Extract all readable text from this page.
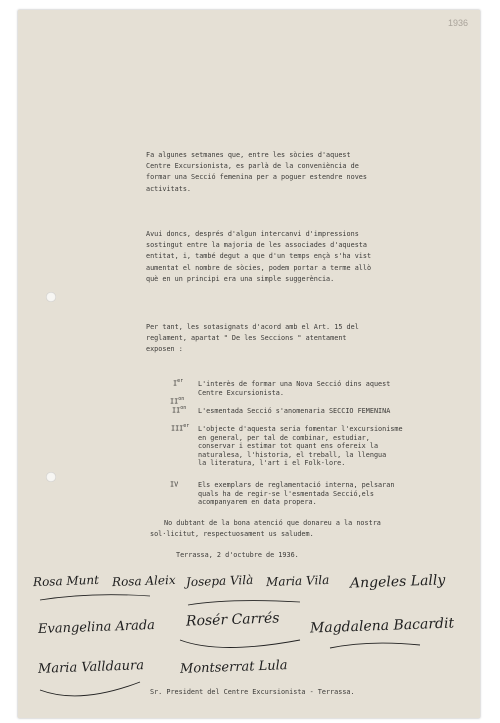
1936
Fa algunes setmanes que, entre les sòcies d'aquest
Centre Excursionista, es parlà de la conveniència de
formar una Secció femenina per a poguer estendre noves
activitats.
Avui doncs, després d'algun intercanvi d'impressions
sostingut entre la majoria de les associades d'aquesta
entitat, i, també degut a que d'un temps ençà s'ha vist
aumentat el nombre de sòcies, podem portar a terme allò
què en un principi era una simple suggerència.
Per tant, les sotasignats d'acord amb el Art. 15 del
reglament, apartat " De les Seccions " atentament
exposen :
Ier L'interès de formar una Nova Secció dins aquest
Centre Excursionista.
$II^{on}$
$II^{on}$ L'esmentada Secció s'anomenaria SECCIO FEMENINA
IIIer L'objecte d'aquesta seria fomentar l'excursionisme
en general, per tal de combinar, estudiar,
conservar i estimar tot quant ens ofereix la
naturalesa, l'historia, el treball, la llengua
la literatura, l'art i el Folk-lore.
IV	Els exemplars de reglamentació interna, pelsaran
quals ha de regir-se l'esmentada Secció,els
acompanyarem en data propera.
No dubtant de la bona atenció que donareu a la nostra
sol·licitut, respectuosament us saludem.
Terrassa, 2 d'octubre de 1936.
Rosa Munt Rosa Aleix Josepa Vilà Maria Vila Angeles Lally
Evangelina Arada Rosér Carrés Magdalena Bacardit
Maria Valldaura	Montserrat Lula
Sr. President del Centre Excursionista - Terrassa.
